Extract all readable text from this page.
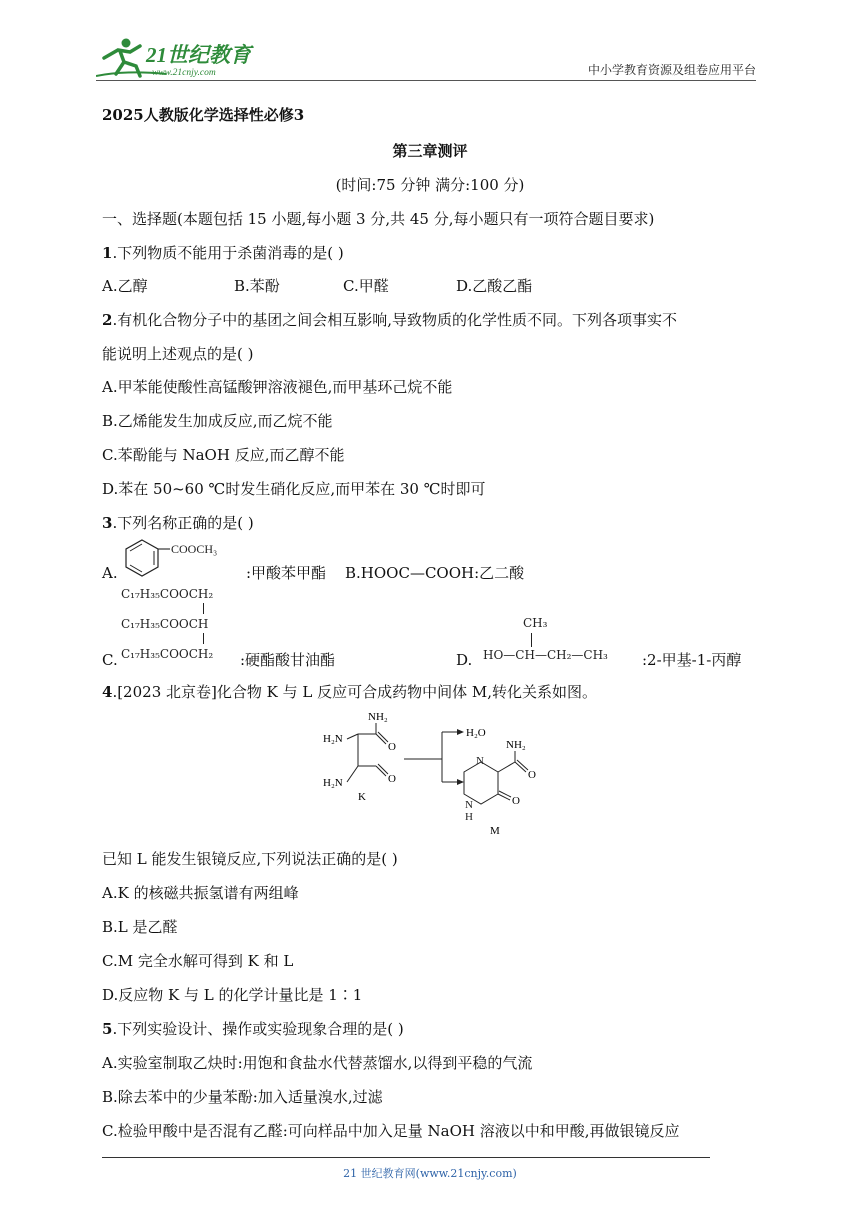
21世纪教育
www.21cnjy.com	中小学教育资源及组卷应用平台
2025人教版化学选择性必修3
第三章测评
(时间:75 分钟 满分:100 分)
一、选择题(本题包括 15 小题,每小题 3 分,共 45 分,每小题只有一项符合题目要求)
1.下列物质不能用于杀菌消毒的是( )
A.乙醇	B.苯酚	C.甲醛	D.乙酸乙酯
2.有机化合物分子中的基团之间会相互影响,导致物质的化学性质不同。下列各项事实不
能说明上述观点的是( )
A.甲苯能使酸性高锰酸钾溶液褪色,而甲基环己烷不能
B.乙烯能发生加成反应,而乙烷不能
C.苯酚能与 NaOH 反应,而乙醇不能
D.苯在 50~60 ℃时发生硝化反应,而甲苯在 30 ℃时即可
3.下列名称正确的是( )
A.
COOCH₃
:甲酸苯甲酯 B.HOOC—COOH:乙二酸
C.
C₁₇H₃₅COOCH₂
C₁₇H₃₅COOCH
C₁₇H₃₅COOCH₂ :硬酯酸甘油酯	D.
CH₃
HO—CH—CH₂—CH₃ :2-甲基-1-丙醇
4.[2023 北京卷]化合物 K 与 L 反应可合成药物中间体 M,转化关系如图。
NH₂
H₂N
O
O
H₂N
K
H₂O
NH₂
O
N
N
H
O
M
已知 L 能发生银镜反应,下列说法正确的是( )
A.K 的核磁共振氢谱有两组峰
B.L 是乙醛
C.M 完全水解可得到 K 和 L
D.反应物 K 与 L 的化学计量比是 1∶1
5.下列实验设计、操作或实验现象合理的是( )
A.实验室制取乙炔时:用饱和食盐水代替蒸馏水,以得到平稳的气流
B.除去苯中的少量苯酚:加入适量溴水,过滤
C.检验甲酸中是否混有乙醛:可向样品中加入足量 NaOH 溶液以中和甲酸,再做银镜反应
21 世纪教育网(www.21cnjy.com)
